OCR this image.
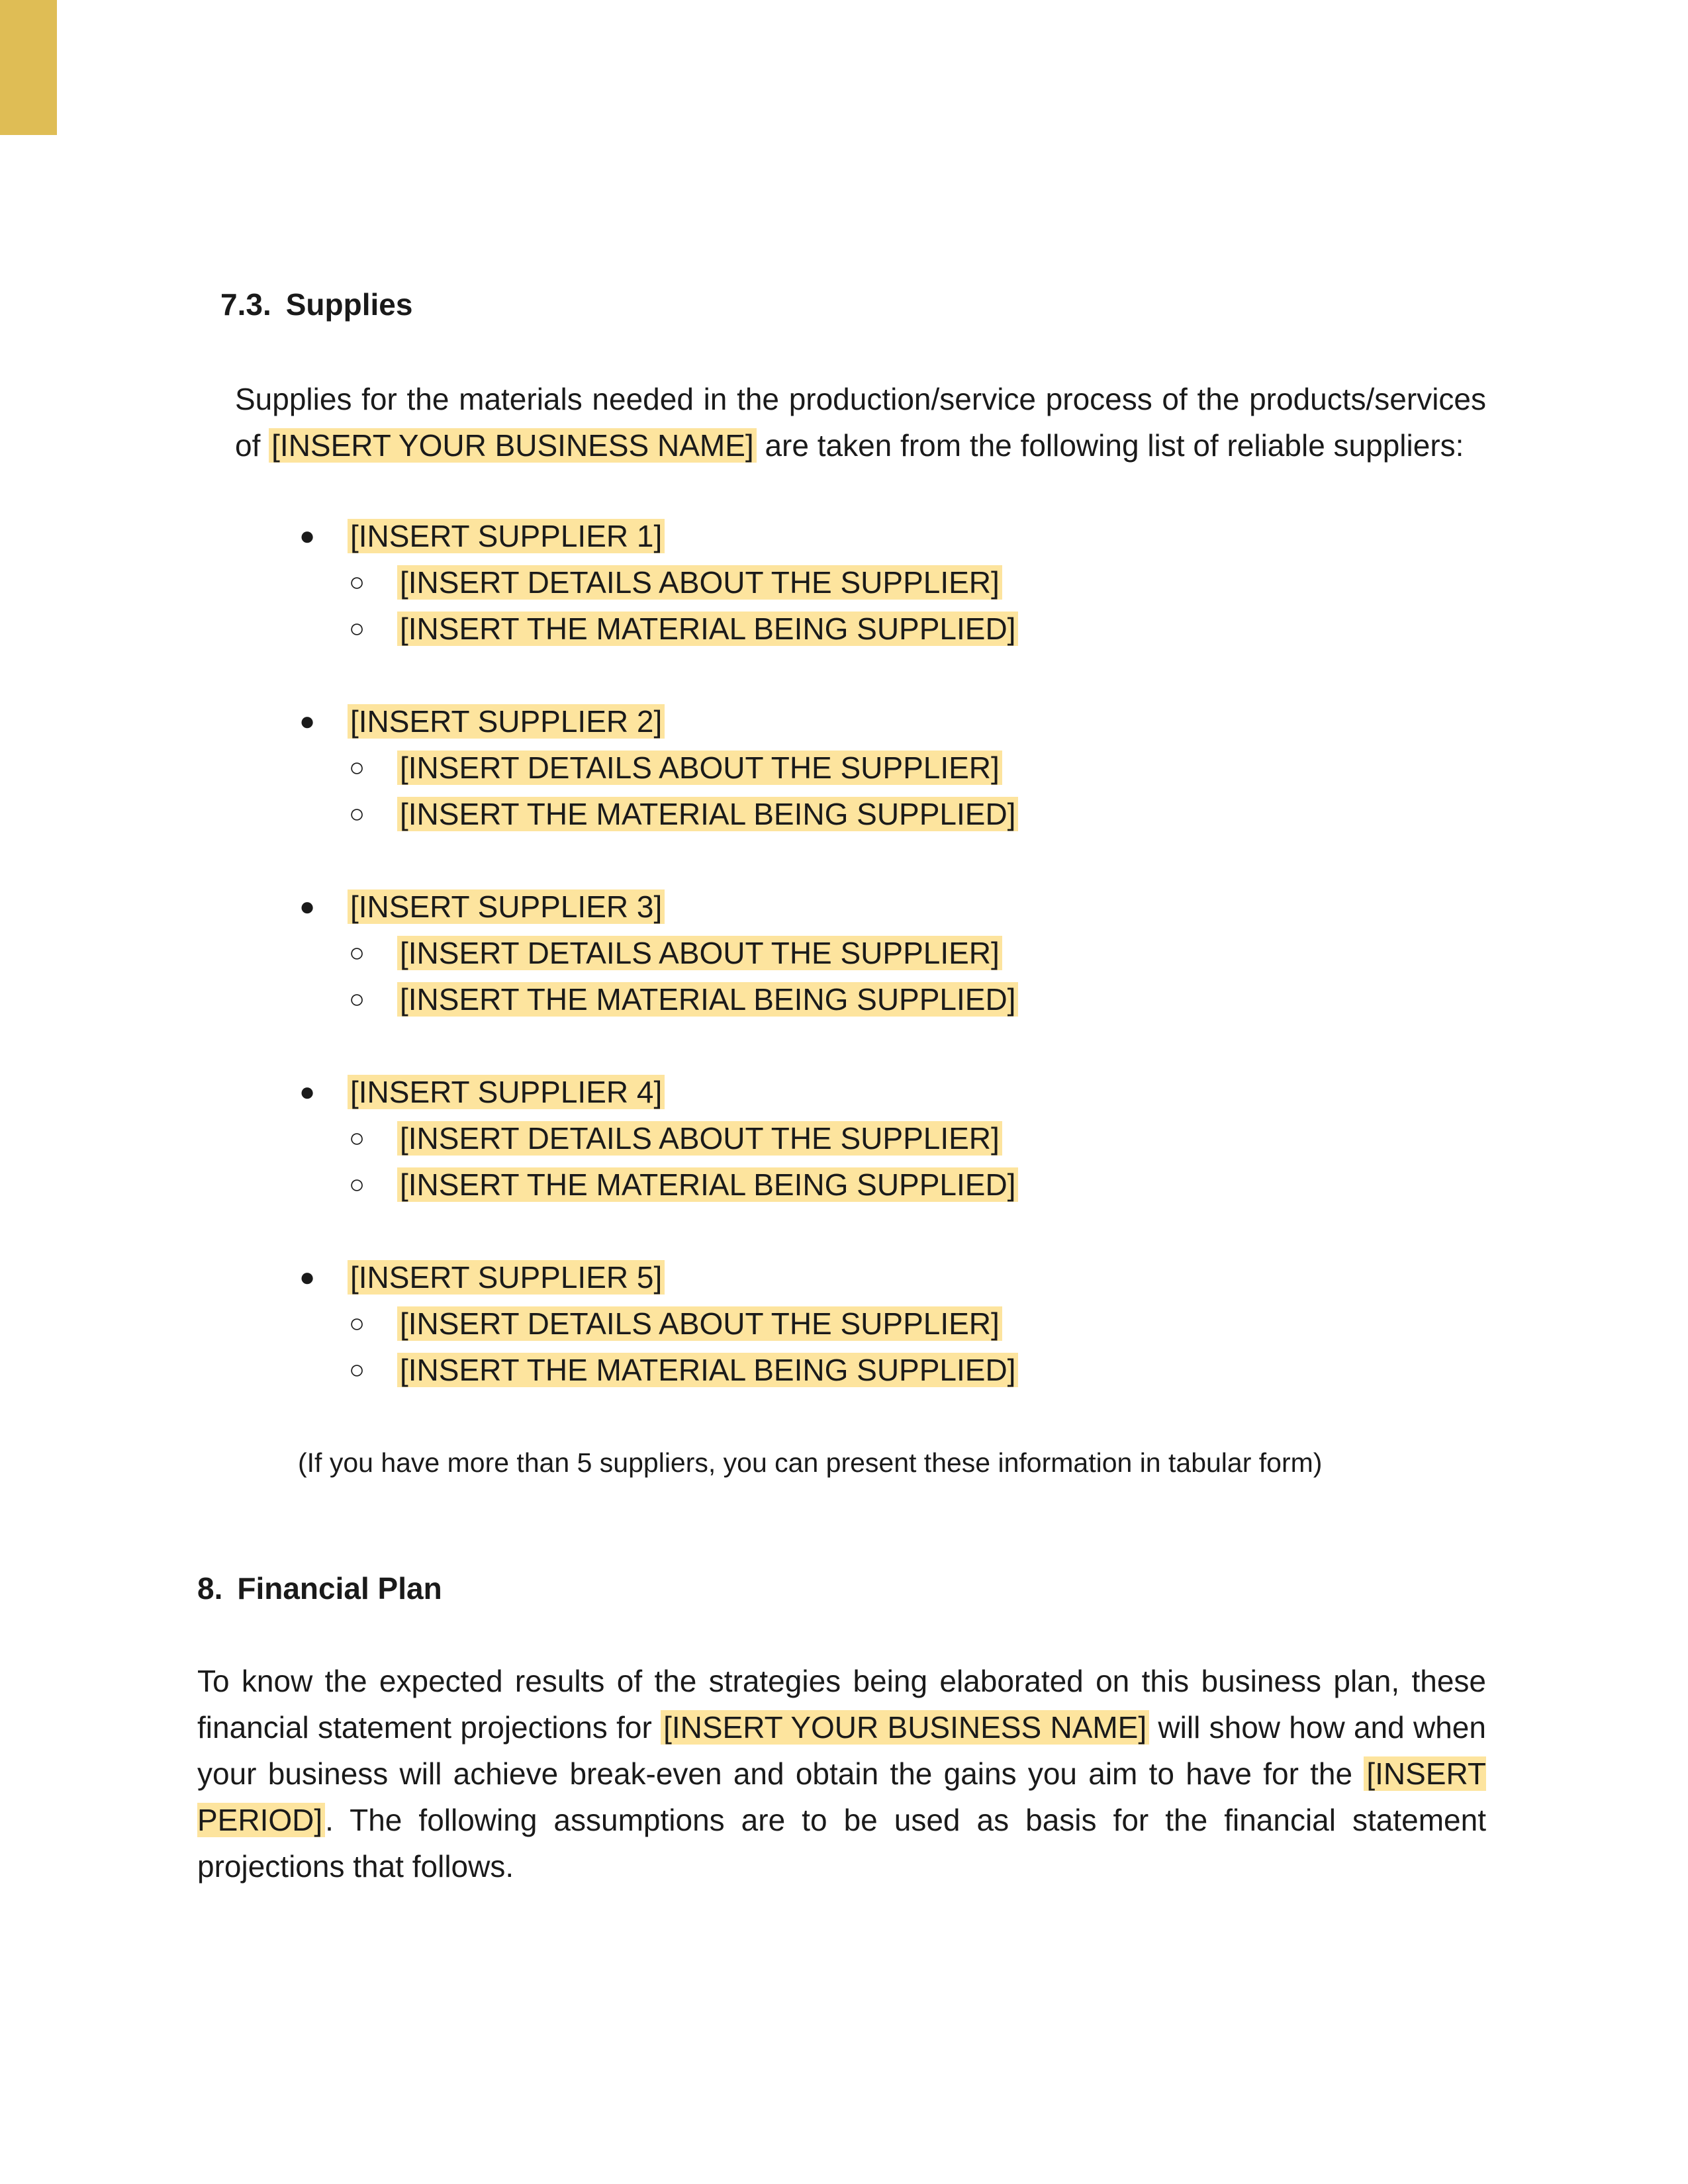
7.3. Supplies

Supplies for the materials needed in the production/service process of the products/services of [INSERT YOUR BUSINESS NAME] are taken from the following list of reliable suppliers:

● [INSERT SUPPLIER 1]
○ [INSERT DETAILS ABOUT THE SUPPLIER]
○ [INSERT THE MATERIAL BEING SUPPLIED]
● [INSERT SUPPLIER 2]
○ [INSERT DETAILS ABOUT THE SUPPLIER]
○ [INSERT THE MATERIAL BEING SUPPLIED]
● [INSERT SUPPLIER 3]
○ [INSERT DETAILS ABOUT THE SUPPLIER]
○ [INSERT THE MATERIAL BEING SUPPLIED]
● [INSERT SUPPLIER 4]
○ [INSERT DETAILS ABOUT THE SUPPLIER]
○ [INSERT THE MATERIAL BEING SUPPLIED]
● [INSERT SUPPLIER 5]
○ [INSERT DETAILS ABOUT THE SUPPLIER]
○ [INSERT THE MATERIAL BEING SUPPLIED]

(If you have more than 5 suppliers, you can present these information in tabular form)

8. Financial Plan

To know the expected results of the strategies being elaborated on this business plan, these financial statement projections for [INSERT YOUR BUSINESS NAME] will show how and when your business will achieve break-even and obtain the gains you aim to have for the [INSERT PERIOD]. The following assumptions are to be used as basis for the financial statement projections that follows.
